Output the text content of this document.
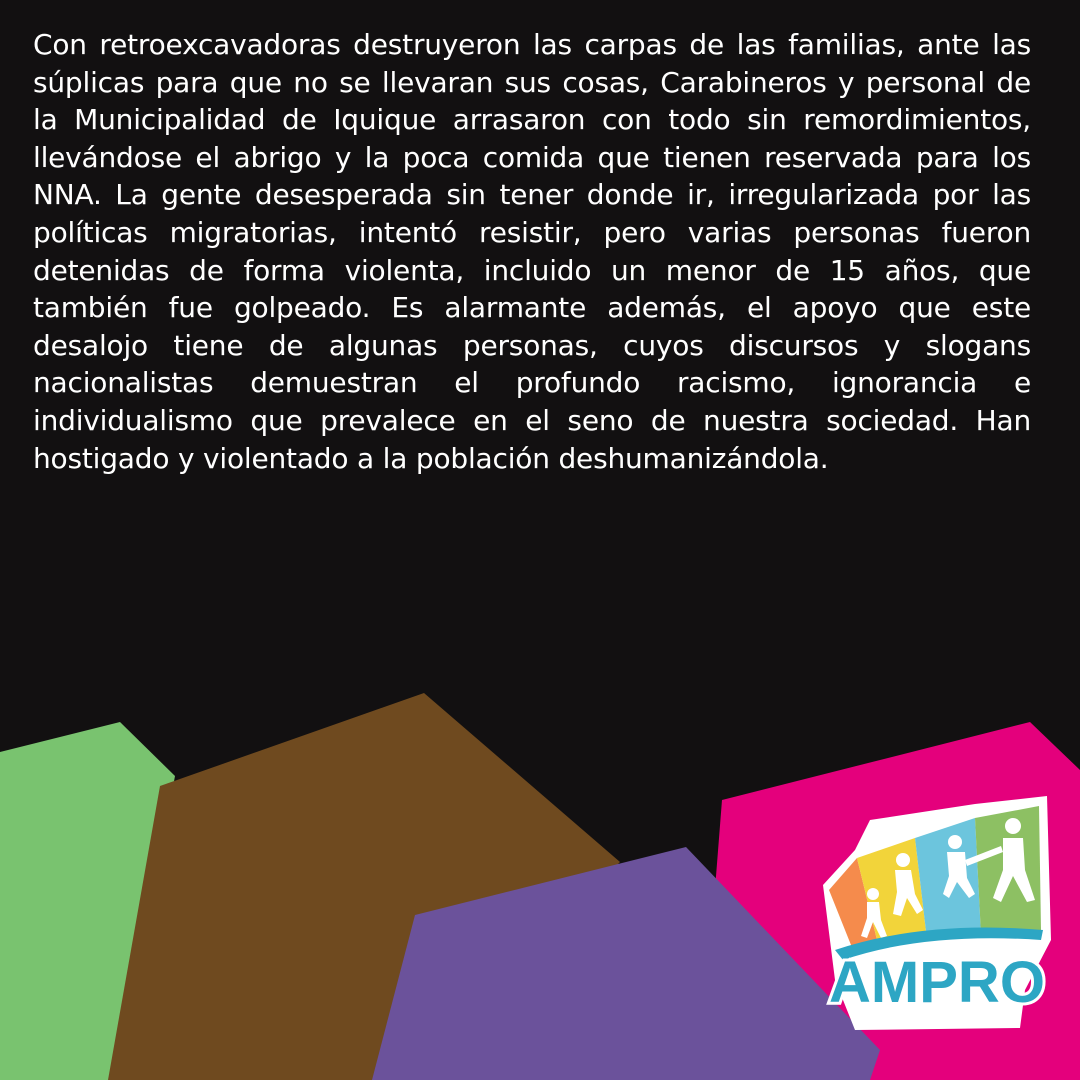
Con retroexcavadoras destruyeron las carpas de las familias, ante las súplicas para que no se llevaran sus cosas, Carabineros y personal de la Municipalidad de Iquique arrasaron con todo sin remordimientos, llevándose el abrigo y la poca comida que tienen reservada para los NNA. La gente desesperada sin tener donde ir, irregularizada por las políticas migratorias, intentó resistir, pero varias personas fueron detenidas de forma violenta, incluido un menor de 15 años, que también fue golpeado. Es alarmante además, el apoyo que este desalojo tiene de algunas personas, cuyos discursos y slogans nacionalistas demuestran el profundo racismo, ignorancia e individualismo que prevalece en el seno de nuestra sociedad. Han hostigado y violentado a la población deshumanizándola.

AMPRO
TARAPACÁ
